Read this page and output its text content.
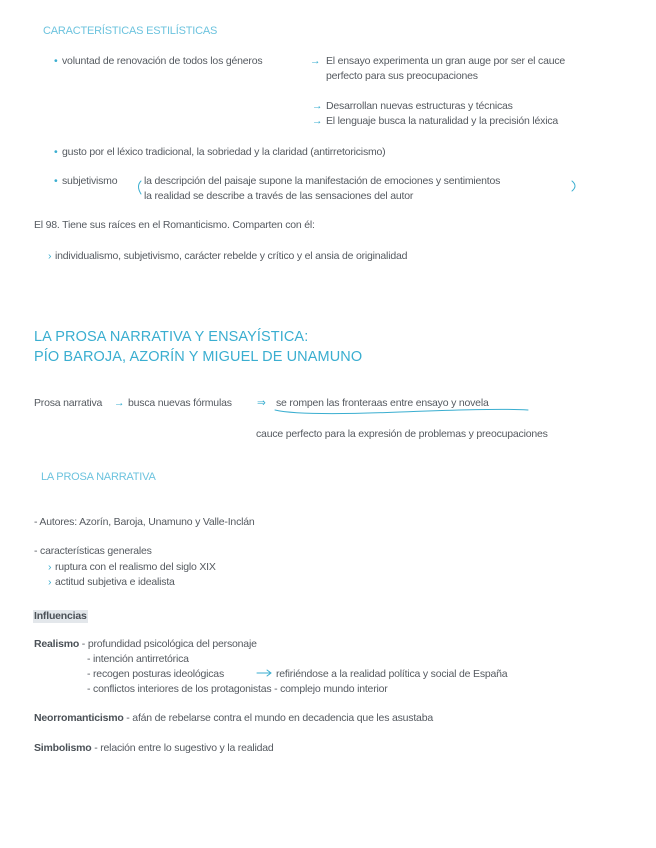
CARACTERÍSTICAS ESTILÍSTICAS
• voluntad de renovación de todos los géneros	→ El ensayo experimenta un gran auge por ser el cauce
perfecto para sus preocupaciones
→ Desarrollan nuevas estructuras y técnicas
→ El lenguaje busca la naturalidad y la precisión léxica
• gusto por el léxico tradicional, la sobriedad y la claridad (antirretoricismo)
• subjetivismo	la descripción del paisaje supone la manifestación de emociones y sentimientos
la realidad se describe a través de las sensaciones del autor
El 98. Tiene sus raíces en el Romanticismo. Comparten con él:
› individualismo, subjetivismo, carácter rebelde y crítico y el ansia de originalidad
LA PROSA NARRATIVA Y ENSAYÍSTICA:
PÍO BAROJA, AZORÍN Y MIGUEL DE UNAMUNO
Prosa narrativa → busca nuevas fórmulas ⇒ se rompen las fronteraas entre ensayo y novela
cauce perfecto para la expresión de problemas y preocupaciones
LA PROSA NARRATIVA
- Autores: Azorín, Baroja, Unamuno y Valle-Inclán
- características generales
› ruptura con el realismo del siglo XIX
› actitud subjetiva e idealista
Influencias
Realismo - profundidad psicológica del personaje
- intención antirretórica
- recogen posturas ideológicas	refiriéndose a la realidad política y social de España
- conflictos interiores de los protagonistas - complejo mundo interior
Neorromanticismo - afán de rebelarse contra el mundo en decadencia que les asustaba
Simbolismo - relación entre lo sugestivo y la realidad
